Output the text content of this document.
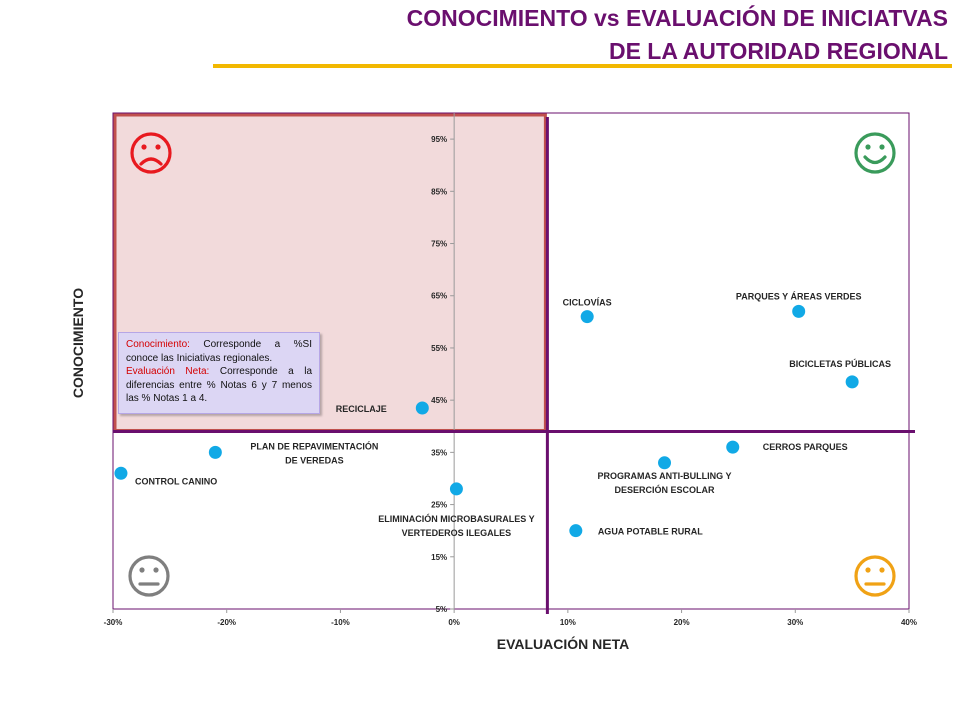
CONOCIMIENTO vs EVALUACIÓN DE INICIATVAS
DE LA AUTORIDAD REGIONAL
5%
15%
25%
35%
45%
55%
65%
75%
85%
95%
-30%	-20%	-10%	0%	10%	20%	30%	40%
EVALUACIÓN NETA
CONOCIMIENTO	CICLOVÍAS
PARQUES Y ÁREAS VERDES
BICICLETAS PÚBLICAS
RECICLAJE
CERROS PARQUES
PLAN DE REPAVIMENTACIÓN
DE VEREDAS
PROGRAMAS ANTI-BULLING Y
DESERCIÓN ESCOLAR
CONTROL CANINO
ELIMINACIÓN MICROBASURALES Y
VERTEDEROS ILEGALES	AGUA POTABLE RURAL
Conocimiento: Corresponde a %SI conoce las Iniciativas regionales.
Evaluación Neta: Corresponde a la diferencias entre % Notas 6 y 7 menos las % Notas 1 a 4.
